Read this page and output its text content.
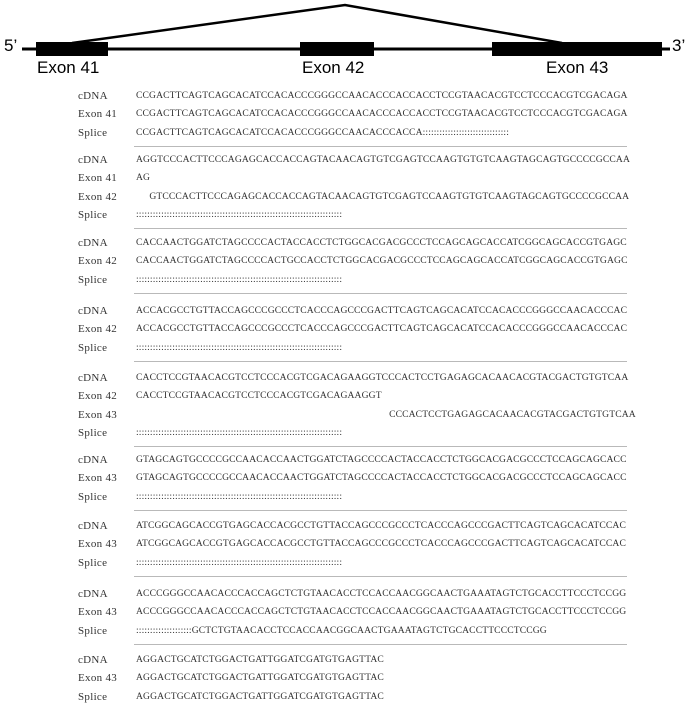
5’	3’
Exon 41	Exon 42	Exon 43
cDNA	CCGACTTCAGTCAGCACATCCACACCCGGGCCAACACCCACCACCTCCGTAACACGTCCTCCCACGTCGACAGA
Exon 41 CCGACTTCAGTCAGCACATCCACACCCGGGCCAACACCCACCACCTCCGTAACACGTCCTCCCACGTCGACAGA
Splice	CCGACTTCAGTCAGCACATCCACACCCGGGCCAACACCCACCA:::::::::::::::::::::::::::::::
cDNA	AGGTCCCACTTCCCAGAGCACCACCAGTACAACAGTGTCGAGTCCAAGTGTGTCAAGTAGCAGTGCCCCGCCAA
Exon 41 AG
Exon 42	GTCCCACTTCCCAGAGCACCACCAGTACAACAGTGTCGAGTCCAAGTGTGTCAAGTAGCAGTGCCCCGCCAA
Splice	::::::::::::::::::::::::::::::::::::::::::::::::::::::::::::::::::::::::::
cDNA	CACCAACTGGATCTAGCCCCACTACCACCTCTGGCACGACGCCCTCCAGCAGCACCATCGGCAGCACCGTGAGC
Exon 42 CACCAACTGGATCTAGCCCCACTGCCACCTCTGGCACGACGCCCTCCAGCAGCACCATCGGCAGCACCGTGAGC
Splice	::::::::::::::::::::::::::::::::::::::::::::::::::::::::::::::::::::::::::
cDNA	ACCACGCCTGTTACCAGCCCGCCCTCACCCAGCCCGACTTCAGTCAGCACATCCACACCCGGGCCAACACCCAC
Exon 42 ACCACGCCTGTTACCAGCCCGCCCTCACCCAGCCCGACTTCAGTCAGCACATCCACACCCGGGCCAACACCCAC
Splice	::::::::::::::::::::::::::::::::::::::::::::::::::::::::::::::::::::::::::
cDNA	CACCTCCGTAACACGTCCTCCCACGTCGACAGAAGGTCCCACTCCTGAGAGCACAACACGTACGACTGTGTCAA
Exon 42 CACCTCCGTAACACGTCCTCCCACGTCGACAGAAGGT
Exon 43	CCCACTCCTGAGAGCACAACACGTACGACTGTGTCAA
Splice	::::::::::::::::::::::::::::::::::::::::::::::::::::::::::::::::::::::::::
cDNA	GTAGCAGTGCCCCGCCAACACCAACTGGATCTAGCCCCACTACCACCTCTGGCACGACGCCCTCCAGCAGCACC
Exon 43 GTAGCAGTGCCCCGCCAACACCAACTGGATCTAGCCCCACTACCACCTCTGGCACGACGCCCTCCAGCAGCACC
Splice	::::::::::::::::::::::::::::::::::::::::::::::::::::::::::::::::::::::::::
cDNA	ATCGGCAGCACCGTGAGCACCACGCCTGTTACCAGCCCGCCCTCACCCAGCCCGACTTCAGTCAGCACATCCAC
Exon 43 ATCGGCAGCACCGTGAGCACCACGCCTGTTACCAGCCCGCCCTCACCCAGCCCGACTTCAGTCAGCACATCCAC
Splice	::::::::::::::::::::::::::::::::::::::::::::::::::::::::::::::::::::::::::
cDNA	ACCCGGGCCAACACCCACCAGCTCTGTAACACCTCCACCAACGGCAACTGAAATAGTCTGCACCTTCCCTCCGG
Exon 43 ACCCGGGCCAACACCCACCAGCTCTGTAACACCTCCACCAACGGCAACTGAAATAGTCTGCACCTTCCCTCCGG
Splice	::::::::::::::::::::GCTCTGTAACACCTCCACCAACGGCAACTGAAATAGTCTGCACCTTCCCTCCGG
cDNA	AGGACTGCATCTGGACTGATTGGATCGATGTGAGTTAC
Exon 43 AGGACTGCATCTGGACTGATTGGATCGATGTGAGTTAC
Splice	AGGACTGCATCTGGACTGATTGGATCGATGTGAGTTAC
